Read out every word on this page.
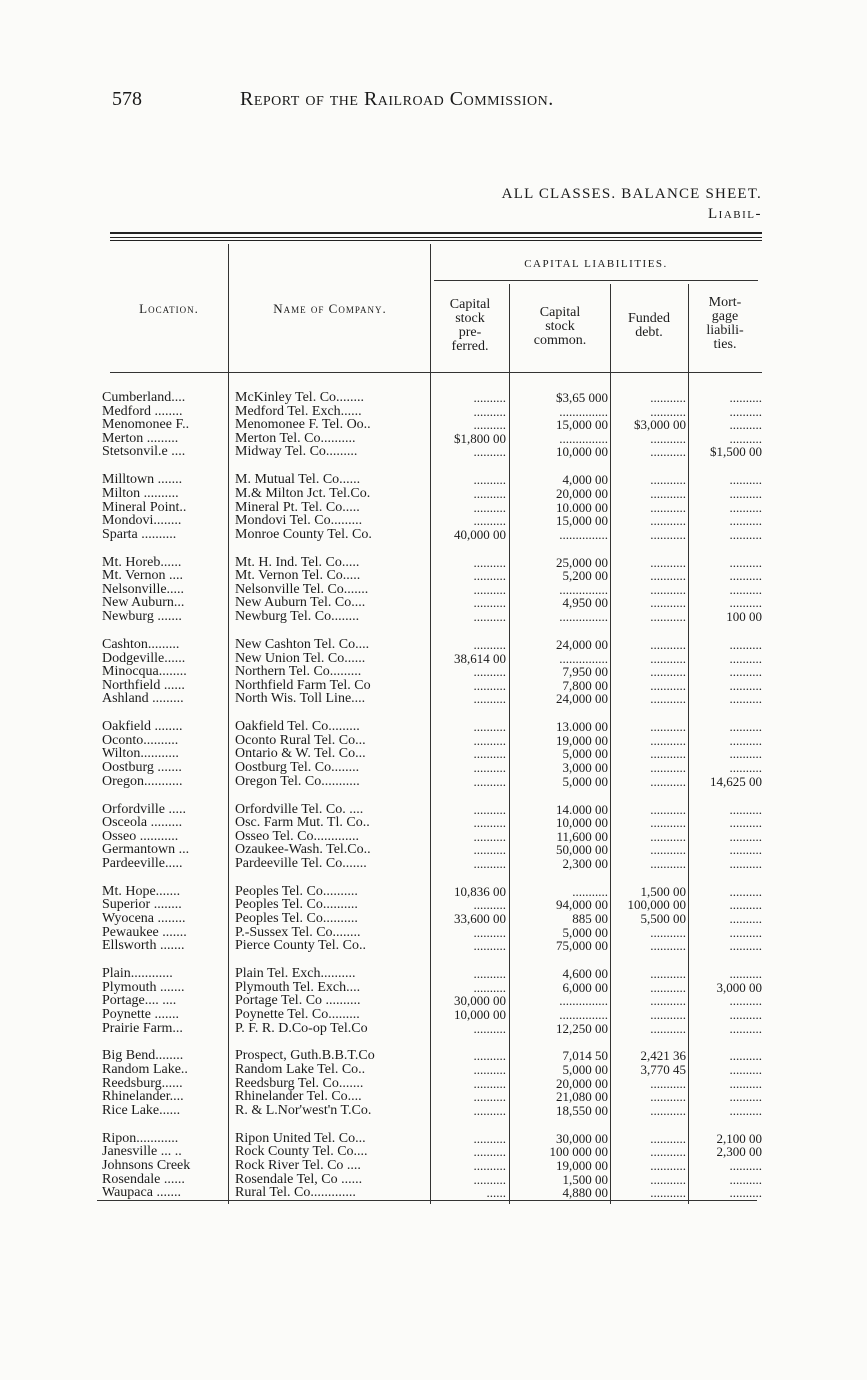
578	Report of the Railroad Commission.
ALL CLASSES. BALANCE SHEET.
Liabil-
CAPITAL LIABILITIES.
Location.	Name of Company.	Capital
stock
pre-
ferred.
Capital
stock
common.
Funded
debt.
Mort-
gage
liabili-
ties.
Cumberland....	McKinley Tel. Co........	..........	$3,65 000	...........	..........
Medford ........	Medford Tel. Exch......	..........	...............	...........	..........
Menomonee F..	Menomonee F. Tel. Oo..	..........	15,000 00	$3,000 00	..........
Merton .........	Merton Tel. Co..........	$1,800 00	...............	...........	..........
Stetsonvil.e ....	Midway Tel. Co.........	..........	10,000 00	...........	$1,500 00
Milltown .......	M. Mutual Tel. Co......	..........	4,000 00	...........	..........
Milton ..........	M.& Milton Jct. Tel.Co.	..........	20,000 00	...........	..........
Mineral Point..	Mineral Pt. Tel. Co.....	..........	10.000 00	...........	..........
Mondovi........	Mondovi Tel. Co.........	..........	15,000 00	...........	..........
Sparta ..........	Monroe County Tel. Co.	40,000 00	...............	...........	..........
Mt. Horeb......	Mt. H. Ind. Tel. Co.....	..........	25,000 00	...........	..........
Mt. Vernon ....	Mt. Vernon Tel. Co.....	..........	5,200 00	...........	..........
Nelsonville.....	Nelsonville Tel. Co.......	..........	...............	...........	..........
New Auburn...	New Auburn Tel. Co....	..........	4,950 00	...........	..........
Newburg .......	Newburg Tel. Co........	..........	...............	...........	100 00
Cashton.........	New Cashton Tel. Co....	..........	24,000 00	...........	..........
Dodgeville......	New Union Tel. Co......	38,614 00	...............	...........	..........
Minocqua........	Northern Tel. Co.........	..........	7,950 00	...........	..........
Northfield ......	Northfield Farm Tel. Co	..........	7,800 00	...........	..........
Ashland .........	North Wis. Toll Line....	..........	24,000 00	...........	..........
Oakfield ........	Oakfield Tel. Co.........	..........	13.000 00	...........	..........
Oconto..........	Oconto Rural Tel. Co...	..........	19,000 00	...........	..........
Wilton...........	Ontario & W. Tel. Co...	..........	5,000 00	...........	..........
Oostburg .......	Oostburg Tel. Co........	..........	3,000 00	...........	..........
Oregon...........	Oregon Tel. Co...........	..........	5,000 00	...........	14,625 00
Orfordville .....	Orfordville Tel. Co. ....	..........	14.000 00	...........	..........
Osceola .........	Osc. Farm Mut. Tl. Co..	..........	10,000 00	...........	..........
Osseo ...........	Osseo Tel. Co.............	..........	11,600 00	...........	..........
Germantown ...	Ozaukee-Wash. Tel.Co..	..........	50,000 00	...........	..........
Pardeeville.....	Pardeeville Tel. Co.......	..........	2,300 00	...........	..........
Mt. Hope.......	Peoples Tel. Co..........	10,836 00	...........	1,500 00	..........
Superior ........	Peoples Tel. Co..........	..........	94,000 00	100,000 00	..........
Wyocena ........	Peoples Tel. Co..........	33,600 00	885 00	5,500 00	..........
Pewaukee .......	P.-Sussex Tel. Co........	..........	5,000 00	...........	..........
Ellsworth .......	Pierce County Tel. Co..	..........	75,000 00	...........	..........
Plain............	Plain Tel. Exch..........	..........	4,600 00	...........	..........
Plymouth .......	Plymouth Tel. Exch....	..........	6,000 00	...........	3,000 00
Portage.... ....	Portage Tel. Co ..........	30,000 00	...............	...........	..........
Poynette .......	Poynette Tel. Co.........	10,000 00	...............	...........	..........
Prairie Farm...	P. F. R. D.Co-op Tel.Co	..........	12,250 00	...........	..........
Big Bend........	Prospect, Guth.B.B.T.Co	..........	7,014 50	2,421 36	..........
Random Lake..	Random Lake Tel. Co..	..........	5,000 00	3,770 45	..........
Reedsburg......	Reedsburg Tel. Co.......	..........	20,000 00	...........	..........
Rhinelander....	Rhinelander Tel. Co....	..........	21,080 00	...........	..........
Rice Lake......	R. & L.Nor'west'n T.Co.	..........	18,550 00	...........	..........
Ripon............	Ripon United Tel. Co...	..........	30,000 00	...........	2,100 00
Janesville ... ..	Rock County Tel. Co....	..........	100 000 00	...........	2,300 00
Johnsons Creek	Rock River Tel. Co ....	..........	19,000 00	...........	..........
Rosendale ......	Rosendale Tel, Co ......	..........	1,500 00	...........	..........
Waupaca .......	Rural Tel. Co.............	......	4,880 00	...........	..........
